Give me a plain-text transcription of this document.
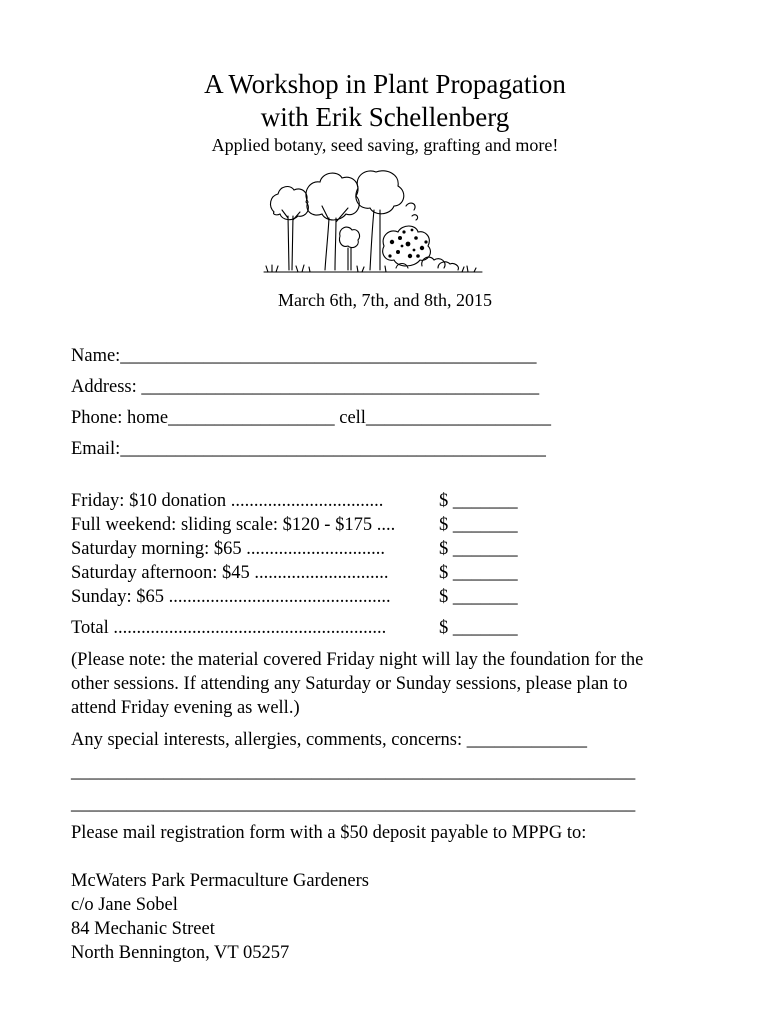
A Workshop in Plant Propagation
with Erik Schellenberg
Applied botany, seed saving, grafting and more!
March 6th, 7th, and 8th, 2015
Name:_____________________________________________
Address: ___________________________________________
Phone: home__________________ cell____________________
Email:______________________________________________
Friday: $10 donation .................................	$ _______
Full weekend: sliding scale: $120 - $175 .... $ _______
Saturday morning: $65 ..............................	$ _______
Saturday afternoon: $45 .............................	$ _______
Sunday: $65 ................................................	$ _______
Total ...........................................................	$ _______
(Please note: the material covered Friday night will lay the foundation for the
other sessions. If attending any Saturday or Sunday sessions, please plan to
attend Friday evening as well.)
Any special interests, allergies, comments, concerns: _____________
_____________________________________________________________
_____________________________________________________________
Please mail registration form with a $50 deposit payable to MPPG to:
McWaters Park Permaculture Gardeners
c/o Jane Sobel
84 Mechanic Street
North Bennington, VT 05257
